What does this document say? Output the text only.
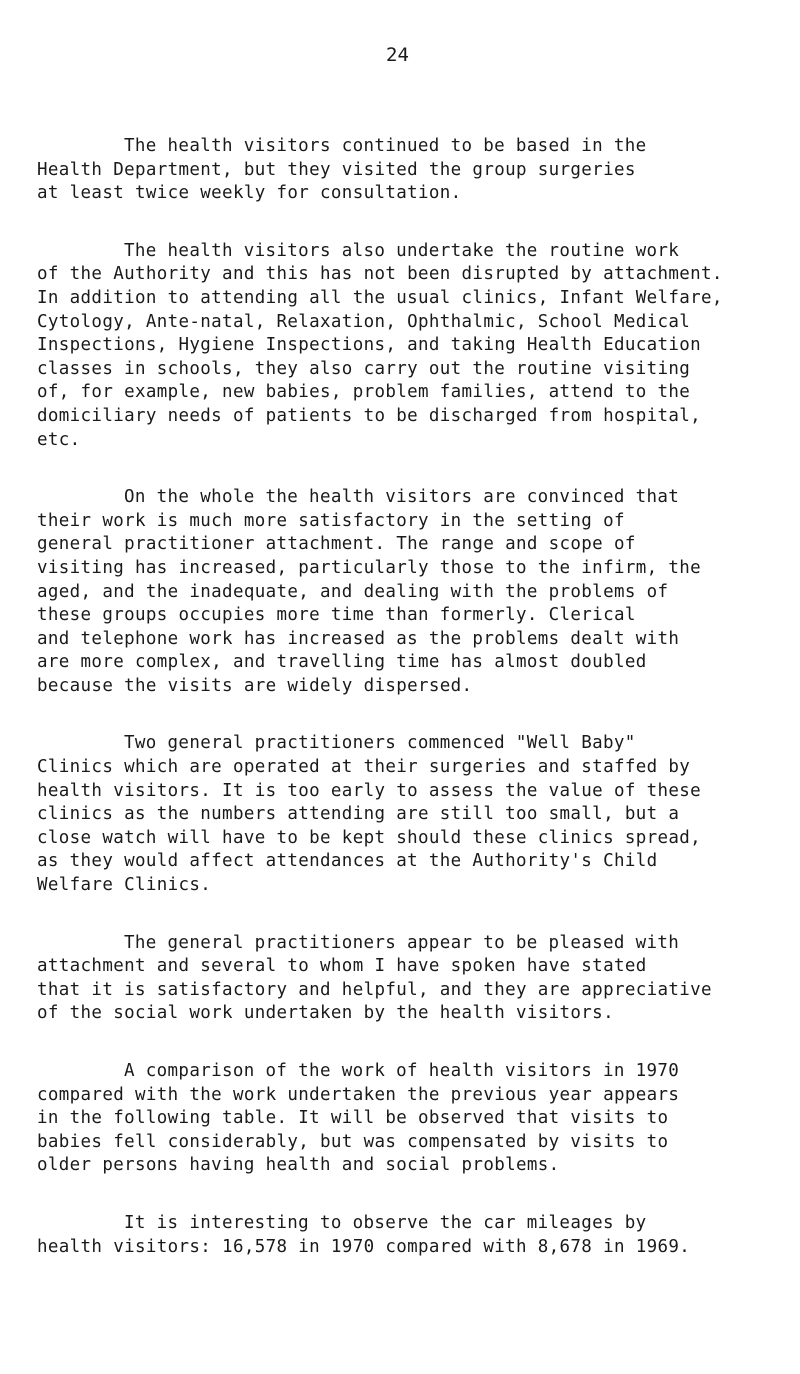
24
The health visitors continued to be based in the
Health Department, but they visited the group surgeries
at least twice weekly for consultation.
The health visitors also undertake the routine work
of the Authority and this has not been disrupted by attachment.
In addition to attending all the usual clinics, Infant Welfare,
Cytology, Ante-natal, Relaxation, Ophthalmic, School Medical
Inspections, Hygiene Inspections, and taking Health Education
classes in schools, they also carry out the routine visiting
of, for example, new babies, problem families, attend to the
domiciliary needs of patients to be discharged from hospital,
etc.
On the whole the health visitors are convinced that
their work is much more satisfactory in the setting of
general practitioner attachment. The range and scope of
visiting has increased, particularly those to the infirm, the
aged, and the inadequate, and dealing with the problems of
these groups occupies more time than formerly. Clerical
and telephone work has increased as the problems dealt with
are more complex, and travelling time has almost doubled
because the visits are widely dispersed.
Two general practitioners commenced "Well Baby"
Clinics which are operated at their surgeries and staffed by
health visitors. It is too early to assess the value of these
clinics as the numbers attending are still too small, but a
close watch will have to be kept should these clinics spread,
as they would affect attendances at the Authority's Child
Welfare Clinics.
The general practitioners appear to be pleased with
attachment and several to whom I have spoken have stated
that it is satisfactory and helpful, and they are appreciative
of the social work undertaken by the health visitors.
A comparison of the work of health visitors in 1970
compared with the work undertaken the previous year appears
in the following table. It will be observed that visits to
babies fell considerably, but was compensated by visits to
older persons having health and social problems.
It is interesting to observe the car mileages by
health visitors: 16,578 in 1970 compared with 8,678 in 1969.
